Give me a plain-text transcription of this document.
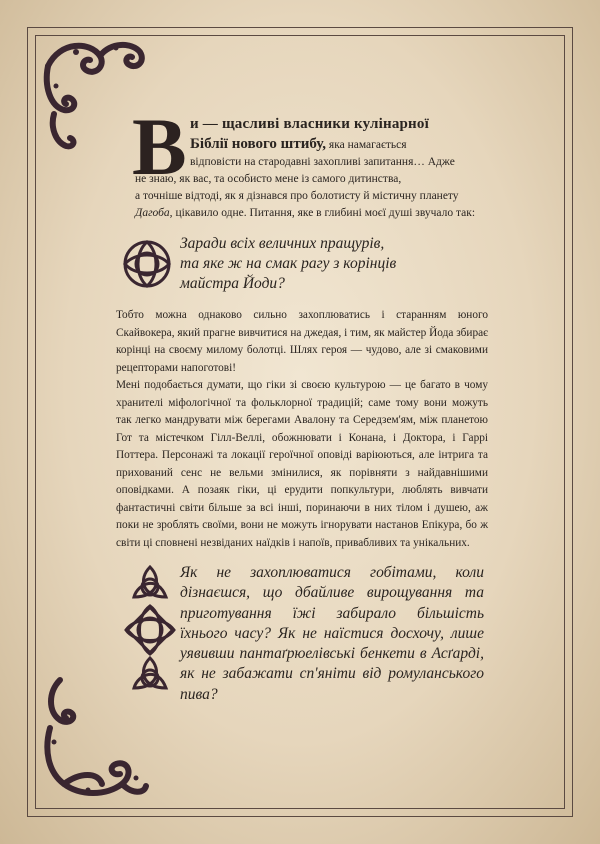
В и — щасливі власники кулінарної
Біблії нового штибу, яка намагається
відповісти на стародавні захопливі запитання… Адже
не знаю, як вас, та особисто мене із самого дитинства,
а точніше відтоді, як я дізнався про болотисту й містичну планету
Дагоба, цікавило одне. Питання, яке в глибині моєї душі звучало так:
Заради всіх величних пращурів,
та яке ж на смак рагу з корінців
майстра Йоди?

Тобто можна однаково сильно захоплюватись і старанням юного Скайвокера, який прагне вивчитися на джедая, і тим, як майстер Йода збирає корінці на своєму милому болотці. Шлях героя — чудово, але зі смаковими рецепторами напоготові!

Мені подобається думати, що гіки зі своєю культурою — це багато в чому хранителі міфологічної та фольклорної традицій; саме тому вони можуть так легко мандрувати між берегами Авалону та Середзем'ям, між планетою Гот та містечком Гілл-Веллі, обожнювати і Конана, і Доктора, і Гаррі Поттера. Персонажі та локації героїчної оповіді варіюються, але інтрига та прихований сенс не вельми змінилися, як порівняти з найдавнішими оповідками. А позаяк гіки, ці ерудити попкультури, люблять вивчати фантастичні світи більше за всі інші, поринаючи в них тілом і душею, аж поки не зроблять своїми, вони не можуть ігнорувати настанов Епікура, бо ж світи ці сповнені незвіданих наїдків і напоїв, привабливих та унікальних.

Як не захоплюватися гобітами, коли дізнаєшся, що дбайливе вирощування та приготування їжі забирало більшість їхнього часу? Як не наїстися досхочу, лише уявивши пантаґрюелівські бенкети в Асґарді, як не забажати сп'яніти від ромуланського пива?
